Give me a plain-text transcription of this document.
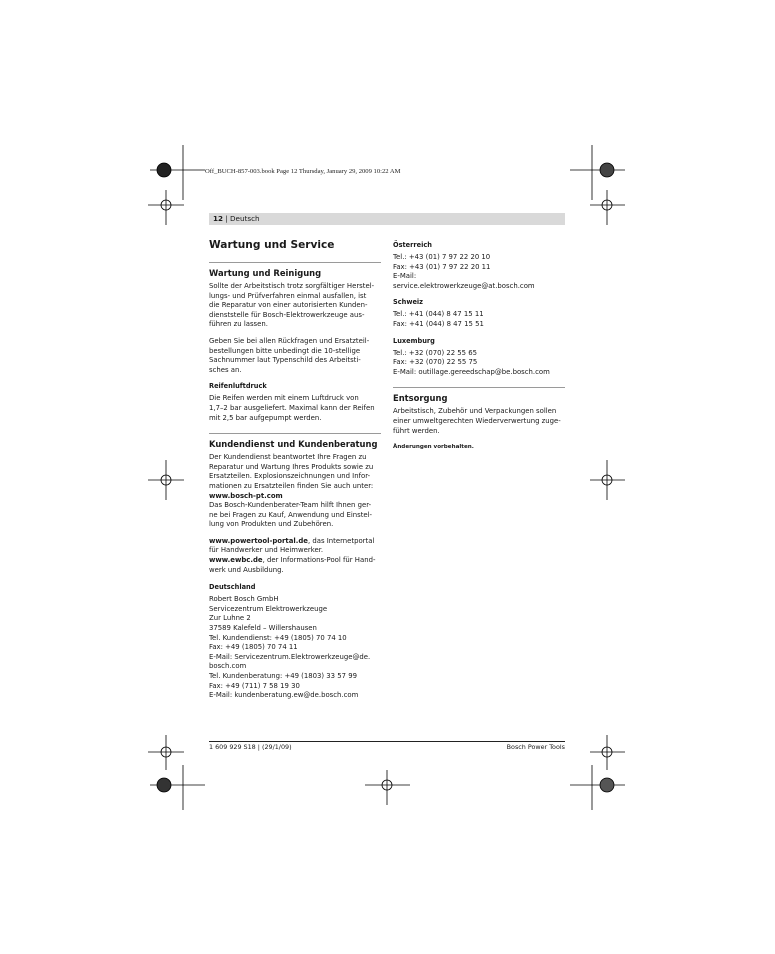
Off_BUCH-857-003.book Page 12 Thursday, January 29, 2009 10:22 AM
12 | Deutsch
Wartung und Service
Wartung und Reinigung
Sollte der Arbeitstisch trotz sorgfältiger Herstel-
lungs- und Prüfverfahren einmal ausfallen, ist
die Reparatur von einer autorisierten Kunden-
dienststelle für Bosch-Elektrowerkzeuge aus-
führen zu lassen.
Geben Sie bei allen Rückfragen und Ersatzteil-
bestellungen bitte unbedingt die 10-stellige
Sachnummer laut Typenschild des Arbeitsti-
sches an.
Reifenluftdruck
Die Reifen werden mit einem Luftdruck von
1,7–2 bar ausgeliefert. Maximal kann der Reifen
mit 2,5 bar aufgepumpt werden.
Kundendienst und Kundenberatung
Der Kundendienst beantwortet Ihre Fragen zu
Reparatur und Wartung Ihres Produkts sowie zu
Ersatzteilen. Explosionszeichnungen und Infor-
mationen zu Ersatzteilen finden Sie auch unter:
www.bosch-pt.com
Das Bosch-Kundenberater-Team hilft Ihnen ger-
ne bei Fragen zu Kauf, Anwendung und Einstel-
lung von Produkten und Zubehören.
www.powertool-portal.de, das Internetportal
für Handwerker und Heimwerker.
www.ewbc.de, der Informations-Pool für Hand-
werk und Ausbildung.
Deutschland
Robert Bosch GmbH
Servicezentrum Elektrowerkzeuge
Zur Luhne 2
37589 Kalefeld – Willershausen
Tel. Kundendienst: +49 (1805) 70 74 10
Fax: +49 (1805) 70 74 11
E-Mail: Servicezentrum.Elektrowerkzeuge@de.
bosch.com
Tel. Kundenberatung: +49 (1803) 33 57 99
Fax: +49 (711) 7 58 19 30
E-Mail: kundenberatung.ew@de.bosch.com
Österreich
Tel.: +43 (01) 7 97 22 20 10
Fax: +43 (01) 7 97 22 20 11
E-Mail:
service.elektrowerkzeuge@at.bosch.com
Schweiz
Tel.: +41 (044) 8 47 15 11
Fax: +41 (044) 8 47 15 51
Luxemburg
Tel.: +32 (070) 22 55 65
Fax: +32 (070) 22 55 75
E-Mail: outillage.gereedschap@be.bosch.com
Entsorgung
Arbeitstisch, Zubehör und Verpackungen sollen
einer umweltgerechten Wiederverwertung zuge-
führt werden.
Änderungen vorbehalten.
1 609 929 S18 | (29/1/09)	Bosch Power Tools
